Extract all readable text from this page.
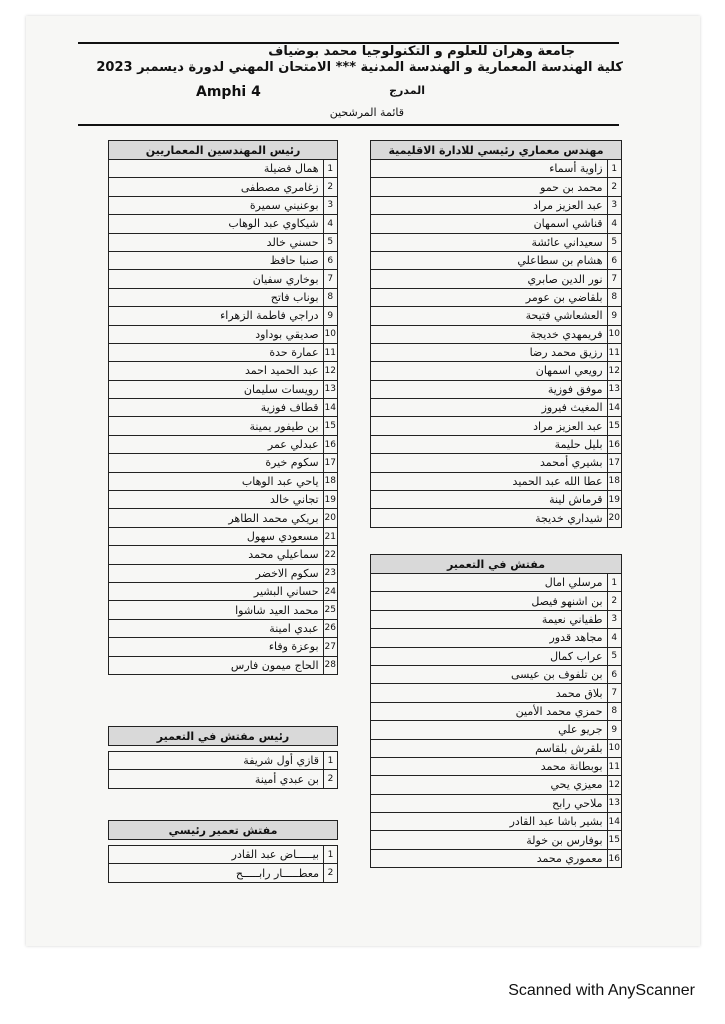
جامعة وهران للعلوم و التكنولوجيا محمد بوضياف
كلية الهندسة المعمارية و الهندسة المدنية *** الامتحان المهني لدورة ديسمبر 2023
المدرج
Amphi 4
قائمة المرشحين
رئيس المهندسين المعماريين	
1	همال فضيلة
2	زغامري مصطفى
3	بوعنيني سميرة
4	شيكاوي عبد الوهاب
5	حسني خالد
6	صنبا حافظ
7	بوخاري سفيان
8	بوناب فاتح
9	دراجي فاطمة الزهراء
10	صديقي بوداود
11	عمارة حدة
12	عبد الحميد احمد
13	رويسات سليمان
14	قطاف فوزية
15	بن طيفور يمينة
16	عبدلي عمر
17	سكوم خيرة
18	ياحي عبد الوهاب
19	تجاني خالد
20	بريكي محمد الطاهر
21	مسعودي سهول
22	سماعيلي محمد
23	سكوم الاخضر
24	حساني البشير
25	محمد العيد شاشوا
26	عبدي امينة
27	بوعزة وفاء
28	الحاج ميمون فارس
مهندس معماري رئيسي للادارة الاقليمية	
1	زاوية أسماء
2	محمد بن حمو
3	عبد العزيز مراد
4	قناشي اسمهان
5	سعيداني عائشة
6	هشام بن سطاعلي
7	نور الدين صابري
8	بلقاضي بن عومر
9	العشعاشي فتيحة
10	فريمهدي خديجة
11	رزيق محمد رضا
12	رويعي اسمهان
13	موفق فوزية
14	المغيث فيروز
15	عبد العزيز مراد
16	بليل حليمة
17	بشيري أمحمد
18	عطا الله عبد الحميد
19	قرماش لينة
20	شيداري خديجة
مفتش في التعمير	
1	مرسلي امال
2	بن اشنهو فيصل
3	طفياني نعيمة
4	مجاهد قدور
5	عراب كمال
6	بن تلفوف بن عيسى
7	بلاق محمد
8	حمزي محمد الأمين
9	جريو علي
10	بلقرش بلقاسم
11	بوبطانة محمد
12	معيزي يحي
13	ملاحي رابح
14	بشير باشا عبد القادر
15	بوفارس بن خولة
16	معموري محمد
رئيس مفتش في التعمير	

1	قازي أول شريفة
2	بن عبدي أمينة
مفتش تعمير رئيسي	

1	بيـــــاض عبد القادر
2	معطـــــار رابـــــح
Scanned with AnyScanner
